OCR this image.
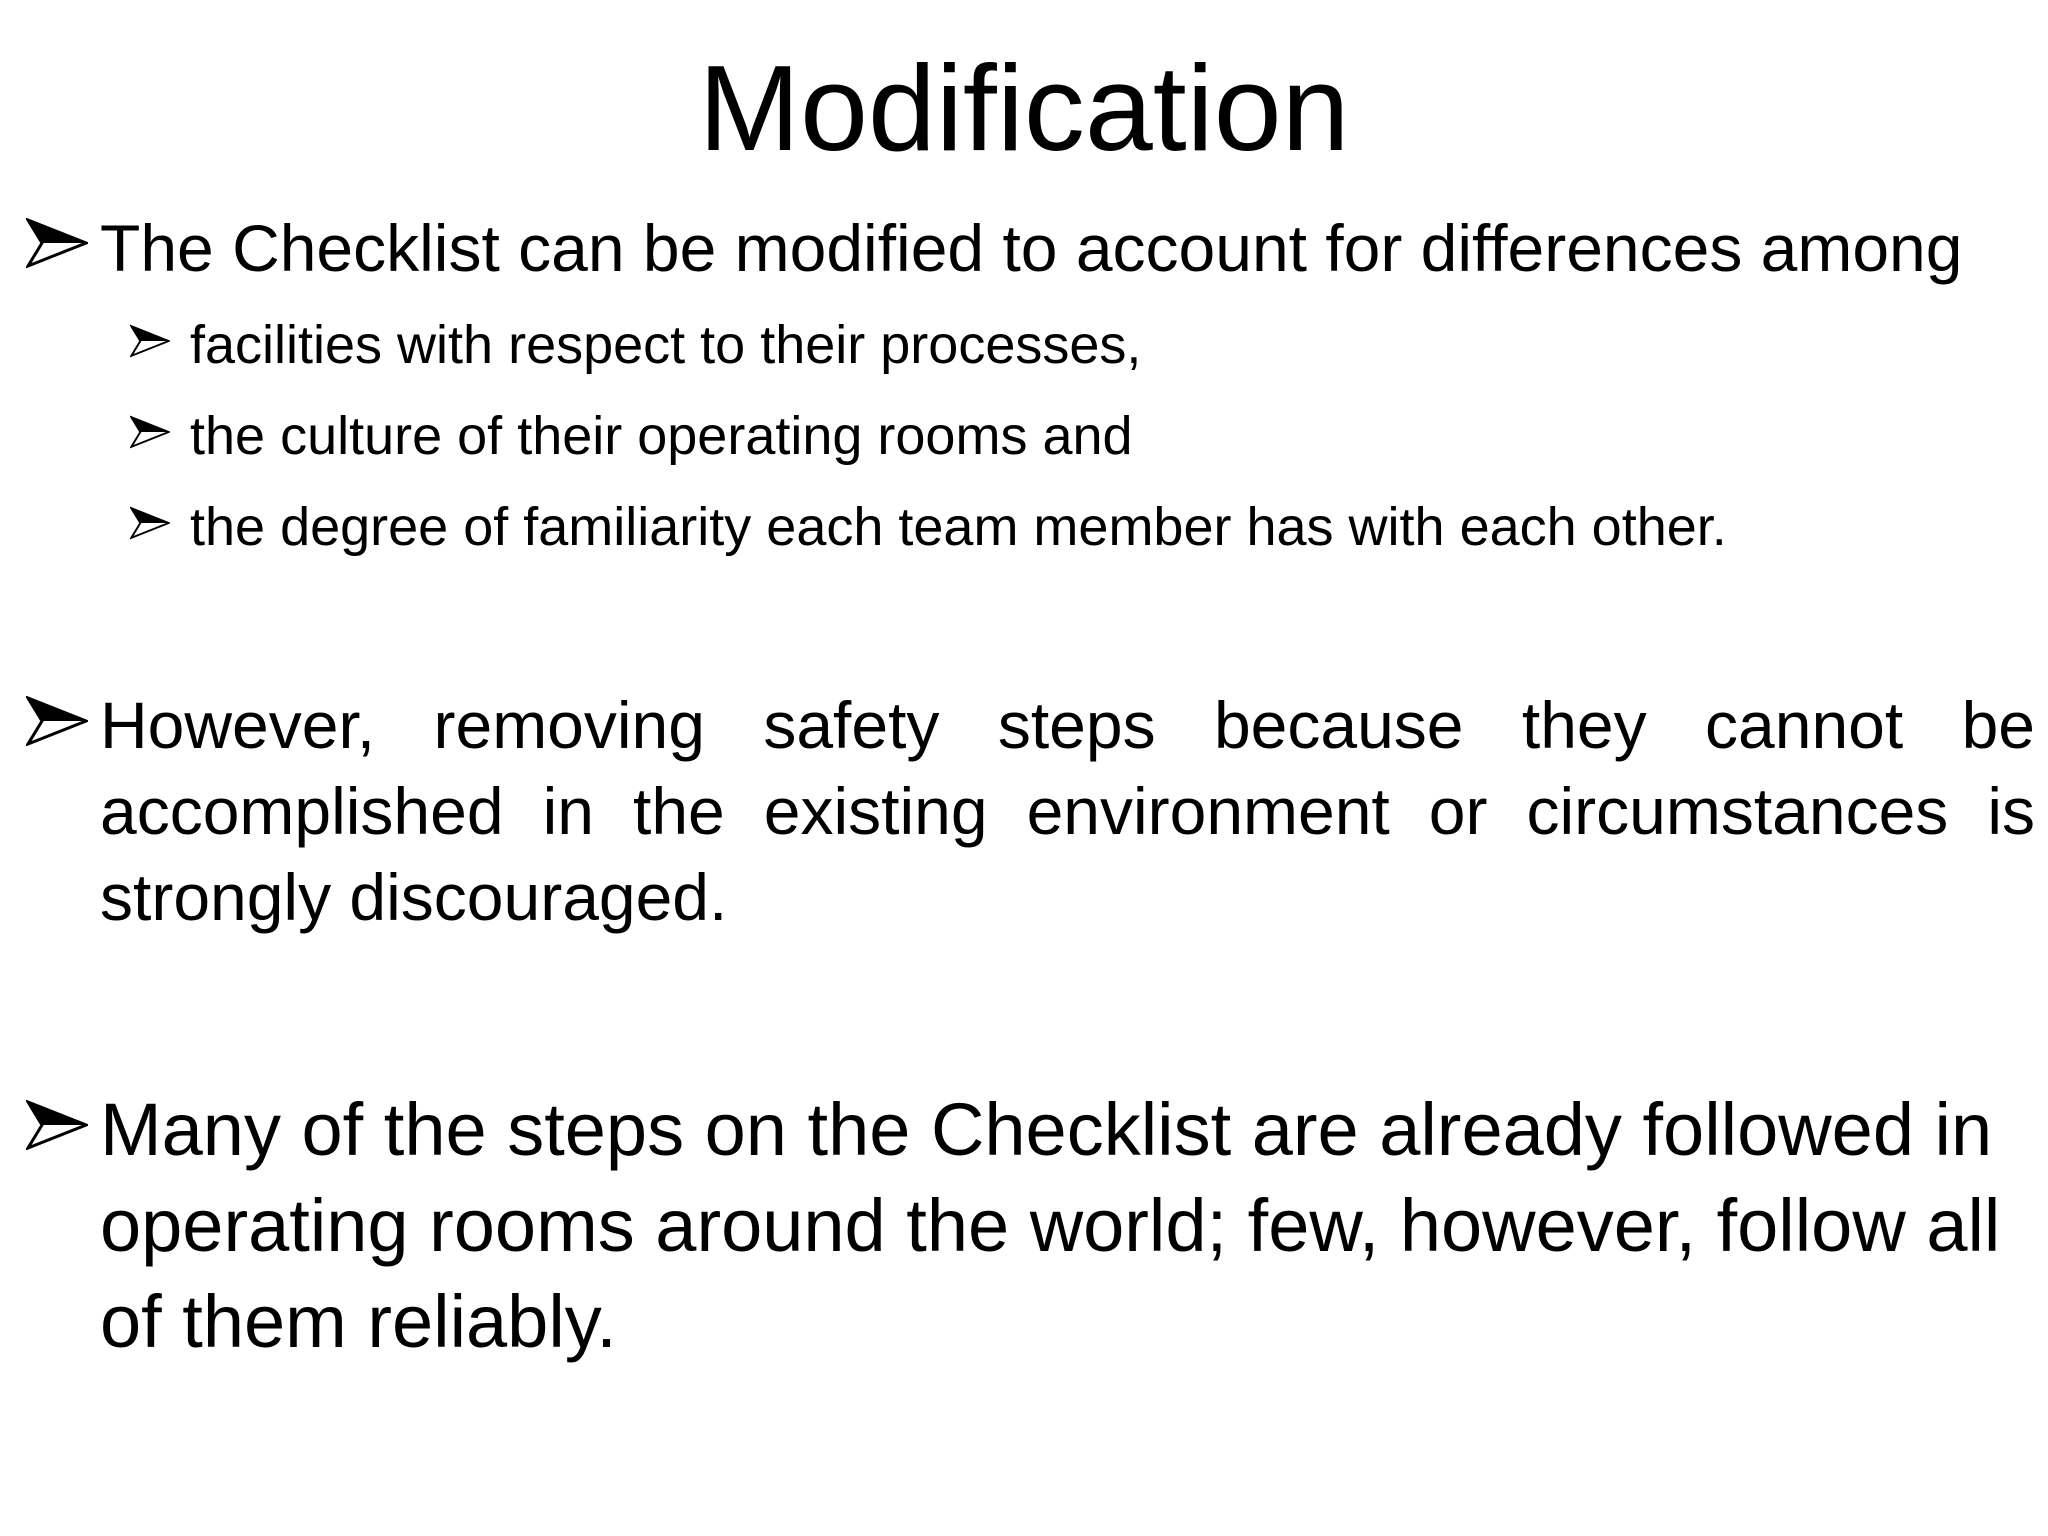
Modification

The Checklist can be modified to account for differences among

facilities with respect to their processes,

the culture of their operating rooms and

the degree of familiarity each team member has with each other.

However, removing safety steps because they cannot be accomplished in the existing environment or circumstances is strongly discouraged.

Many of the steps on the Checklist are already followed in operating rooms around the world; few, however, follow all of them reliably.
